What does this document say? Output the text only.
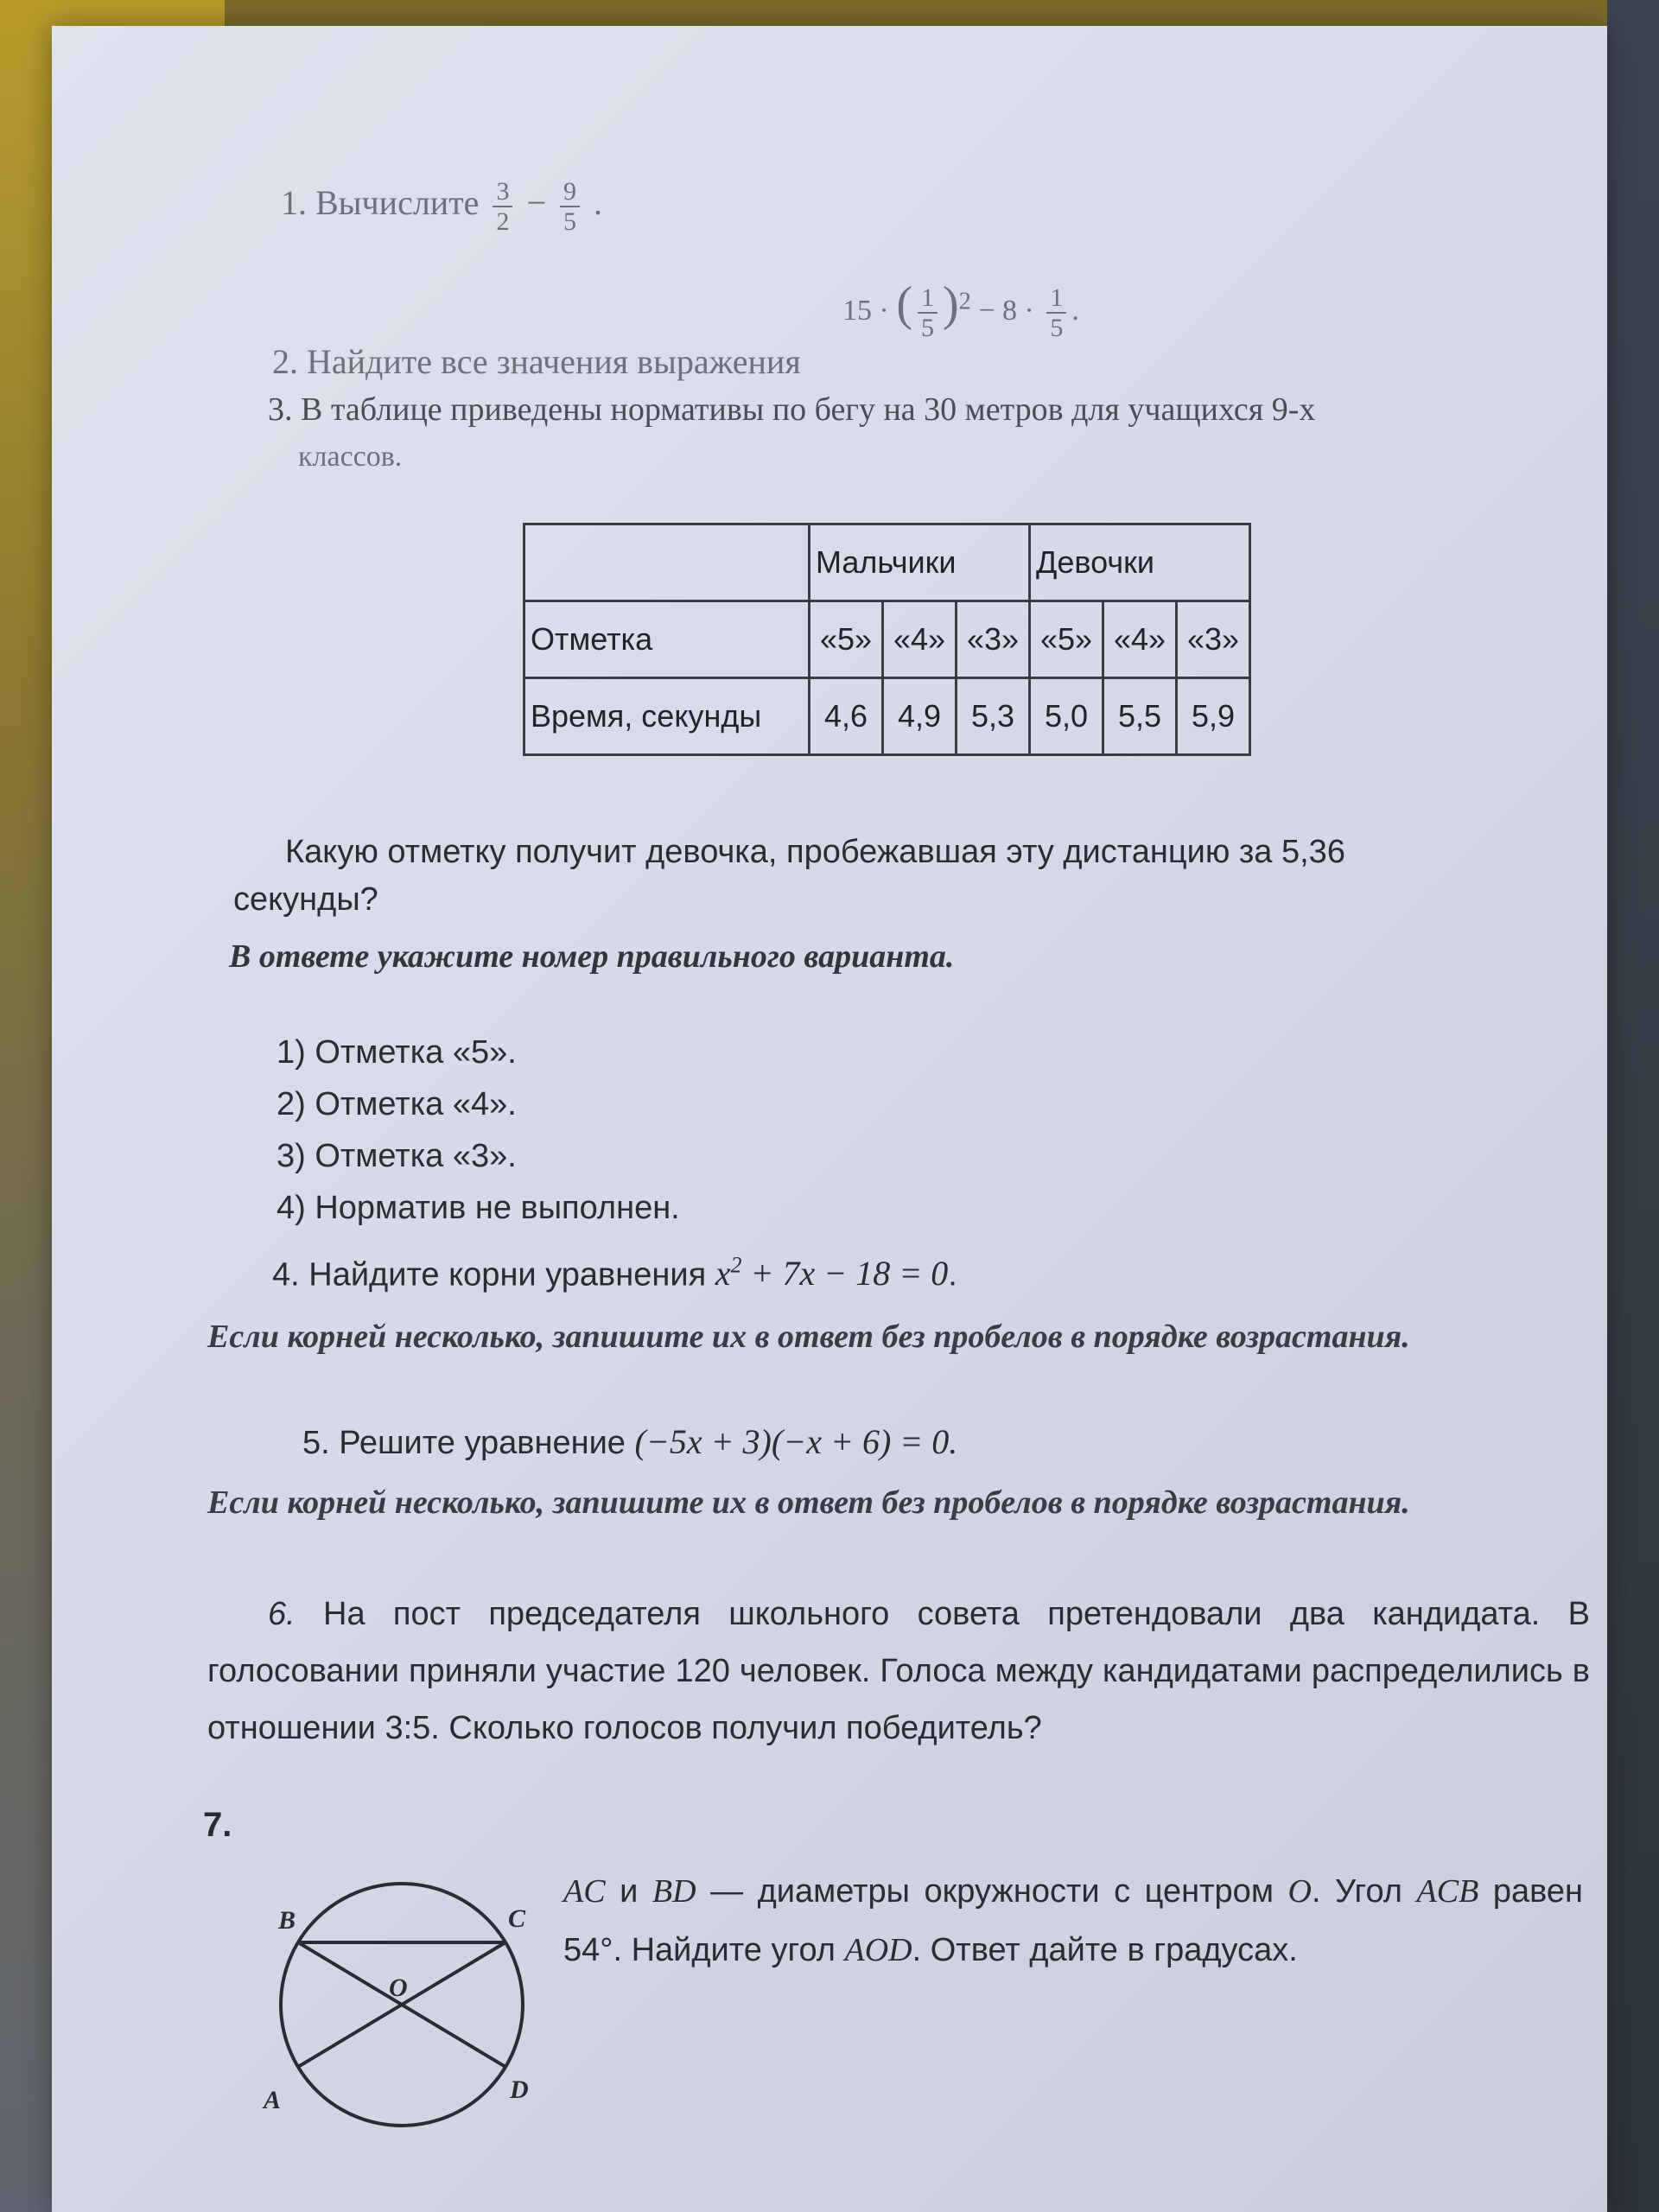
1. Вычислите $\frac{3}{2} - \frac{9}{5}$ .
15 · ( $\frac{1}{5} )^2 - 8 \cdot \frac{1}{5}$ .
2. Найдите все значения выражения
3. В таблице приведены нормативы по бегу на 30 метров для учащихся 9-х
классов.
	Мальчики			Девочки		
Отметка	«5»	«4»	«3»	«5»	«4»	«3»
Время, секунды	4,6	4,9	5,3	5,0	5,5	5,9
Какую отметку получит девочка, пробежавшая эту дистанцию за 5,36
секунды?
В ответе укажите номер правильного варианта.
1) Отметка «5».
2) Отметка «4».
3) Отметка «3».
4) Норматив не выполнен.
4. Найдите корни уравнения $x^2 + 7x - 18 = 0$.
Если корней несколько, запишите их в ответ без пробелов в порядке возрастания.
5. Решите уравнение (−5x + 3)(−x + 6) = 0.
Если корней несколько, запишите их в ответ без пробелов в порядке возрастания.
6. На пост председателя школьного совета претендовали два кандидата. В голосовании приняли участие 120 человек. Голоса между кандидатами распределились в отношении 3:5. Сколько голосов получил победитель?
7.
B	C
O
A	D
AC и BD — диаметры окружности с центром O. Угол ACB равен 54°. Найдите угол AOD. Ответ дайте в градусах.
